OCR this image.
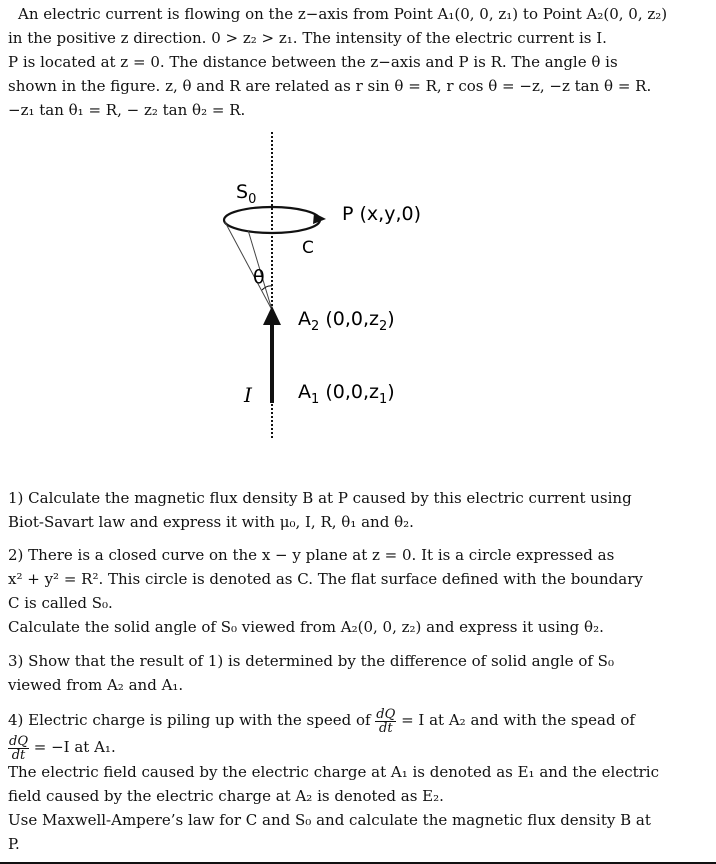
An electric current is flowing on the z−axis from Point A₁(0, 0, z₁) to Point A₂(0, 0, z₂)
in the positive z direction. 0 > z₂ > z₁. The intensity of the electric current is I.
P is located at z = 0. The distance between the z−axis and P is R. The angle θ is
shown in the figure. z, θ and R are related as r sin θ = R, r cos θ = −z, −z tan θ = R.
−z₁ tan θ₁ = R, − z₂ tan θ₂ = R.
$S_0$
P (x,y,0)
C
θ
$A_2$ $(0,0,z_2)$
I $A_1$ $(0,0,z_1)$
1) Calculate the magnetic flux density B at P caused by this electric current using
Biot-Savart law and express it with μ₀, I, R, θ₁ and θ₂.
2) There is a closed curve on the x − y plane at z = 0. It is a circle expressed as
x² + y² = R². This circle is denoted as C. The flat surface defined with the boundary
C is called S₀.
Calculate the solid angle of S₀ viewed from A₂(0, 0, z₂) and express it using θ₂.
3) Show that the result of 1) is determined by the difference of solid angle of S₀
viewed from A₂ and A₁.
4) Electric charge is piling up with the speed of $\frac{dQ}{dt} = I$ at A₂ and with the spead of
$\frac{dQ}{dt} = -I$ at A₁.
The electric field caused by the electric charge at A₁ is denoted as E₁ and the electric
field caused by the electric charge at A₂ is denoted as E₂.
Use Maxwell-Ampere’s law for C and S₀ and calculate the magnetic flux density B at
P.
